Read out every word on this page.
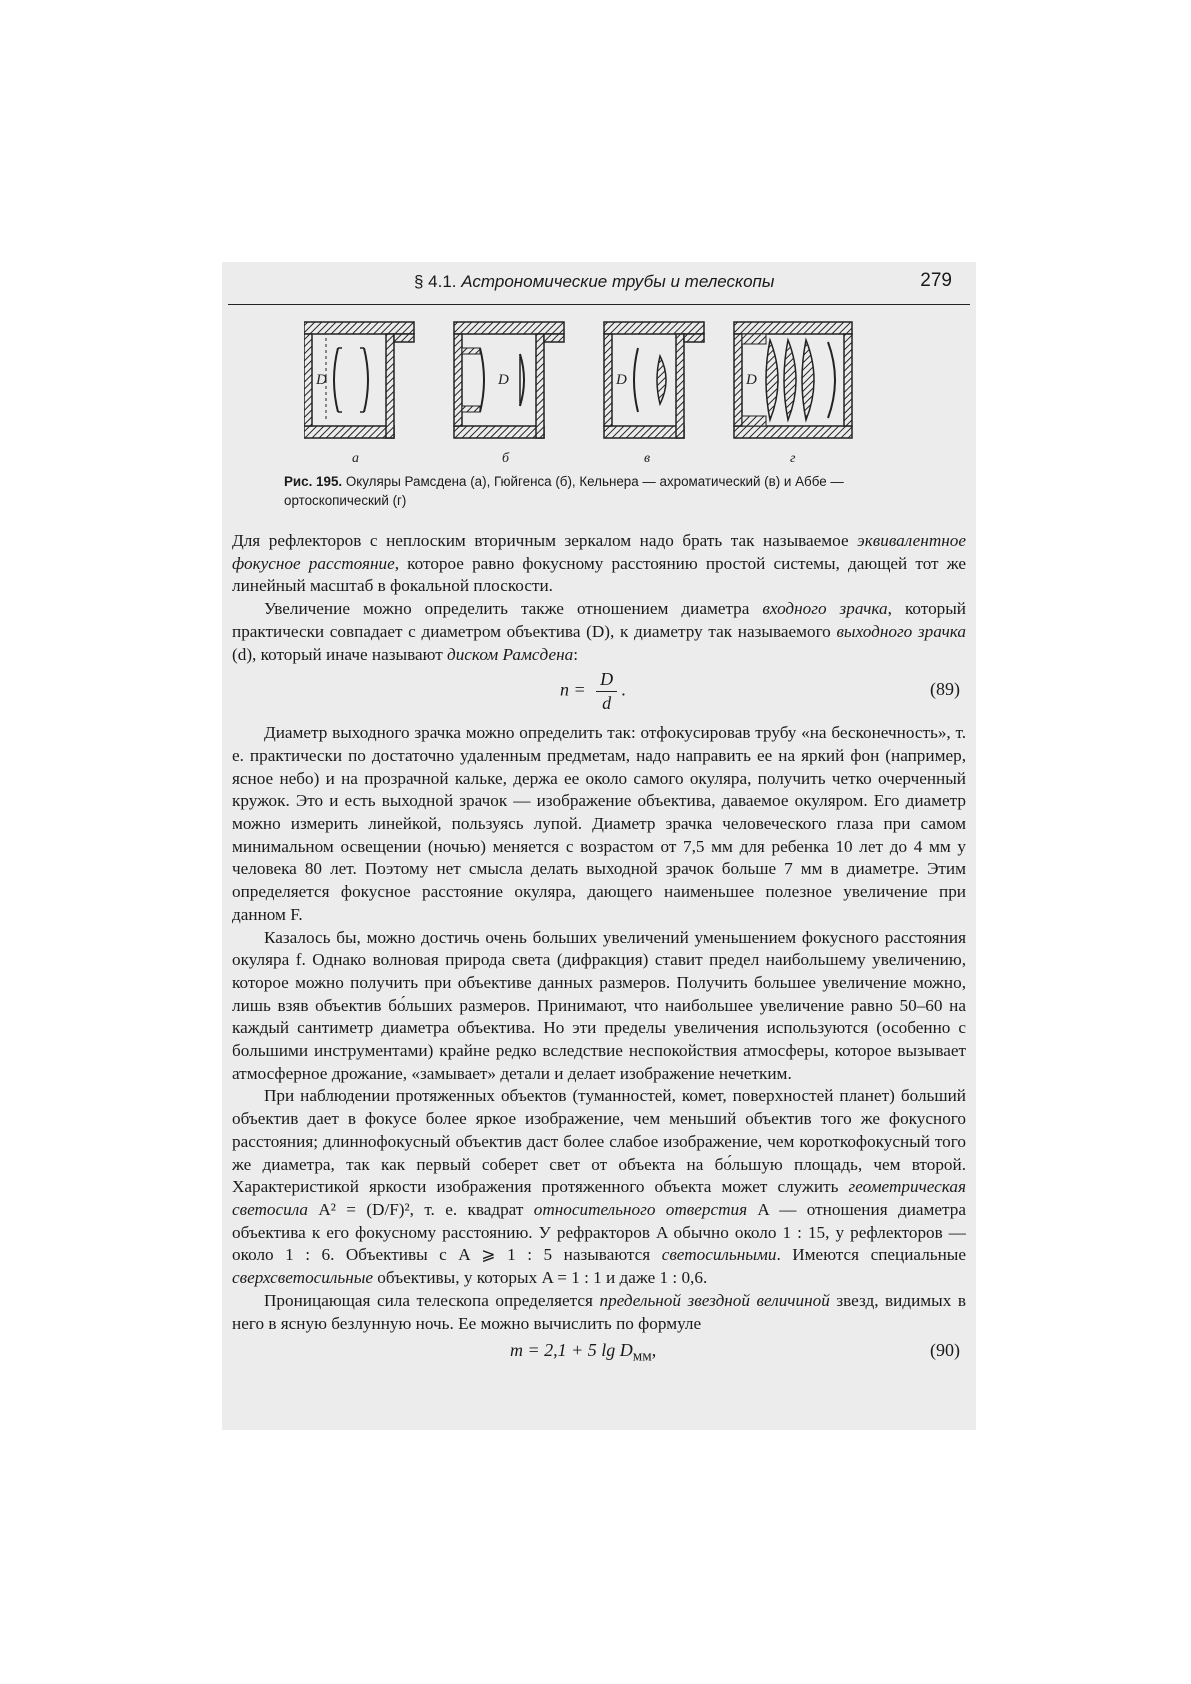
§ 4.1. Астрономические трубы и телескопы	279
D
а
D
б
D
в
D
г
Рис. 195. Окуляры Рамсдена (а), Гюйгенса (б), Кельнера — ахроматический (в) и Аббе — ортоскопический (г)

Для рефлекторов с неплоским вторичным зеркалом надо брать так называемое эквивалентное фокусное расстояние, которое равно фокусному расстоянию простой системы, дающей тот же линейный масштаб в фокальной плоскости.

Увеличение можно определить также отношением диаметра входного зрачка, который практически совпадает с диаметром объектива (D), к диаметру так называемого выходного зрачка (d), который иначе называют диском Рамсдена:

$n = \frac{D}{d}$ .	(89)

Диаметр выходного зрачка можно определить так: отфокусировав трубу «на бесконечность», т. е. практически по достаточно удаленным предметам, надо направить ее на яркий фон (например, ясное небо) и на прозрачной кальке, держа ее около самого окуляра, получить четко очерченный кружок. Это и есть выходной зрачок — изображение объектива, даваемое окуляром. Его диаметр можно измерить линейкой, пользуясь лупой. Диаметр зрачка человеческого глаза при самом минимальном освещении (ночью) меняется с возрастом от 7,5 мм для ребенка 10 лет до 4 мм у человека 80 лет. Поэтому нет смысла делать выходной зрачок больше 7 мм в диаметре. Этим определяется фокусное расстояние окуляра, дающего наименьшее полезное увеличение при данном F.

Казалось бы, можно достичь очень больших увеличений уменьшением фокусного расстояния окуляра f. Однако волновая природа света (дифракция) ставит предел наибольшему увеличению, которое можно получить при объективе данных размеров. Получить большее увеличение можно, лишь взяв объектив бо́льших размеров. Принимают, что наибольшее увеличение равно 50–60 на каждый сантиметр диаметра объектива. Но эти пределы увеличения используются (особенно с большими инструментами) крайне редко вследствие неспокойствия атмосферы, которое вызывает атмосферное дрожание, «замывает» детали и делает изображение нечетким.

При наблюдении протяженных объектов (туманностей, комет, поверхностей планет) больший объектив дает в фокусе более яркое изображение, чем меньший объектив того же фокусного расстояния; длиннофокусный объектив даст более слабое изображение, чем короткофокусный того же диаметра, так как первый соберет свет от объекта на бо́льшую площадь, чем второй. Характеристикой яркости изображения протяженного объекта может служить геометрическая светосила A² = (D/F)², т. е. квадрат относительного отверстия A — отношения диаметра объектива к его фокусному расстоянию. У рефракторов A обычно около 1 : 15, у рефлекторов — около 1 : 6. Объективы с A ⩾ 1 : 5 называются светосильными. Имеются специальные сверхсветосильные объективы, у которых A = 1 : 1 и даже 1 : 0,6.

Проницающая сила телескопа определяется предельной звездной величиной звезд, видимых в него в ясную безлунную ночь. Ее можно вычислить по формуле

m = 2,1 + 5 $\lg D_{мм}$,	(90)
